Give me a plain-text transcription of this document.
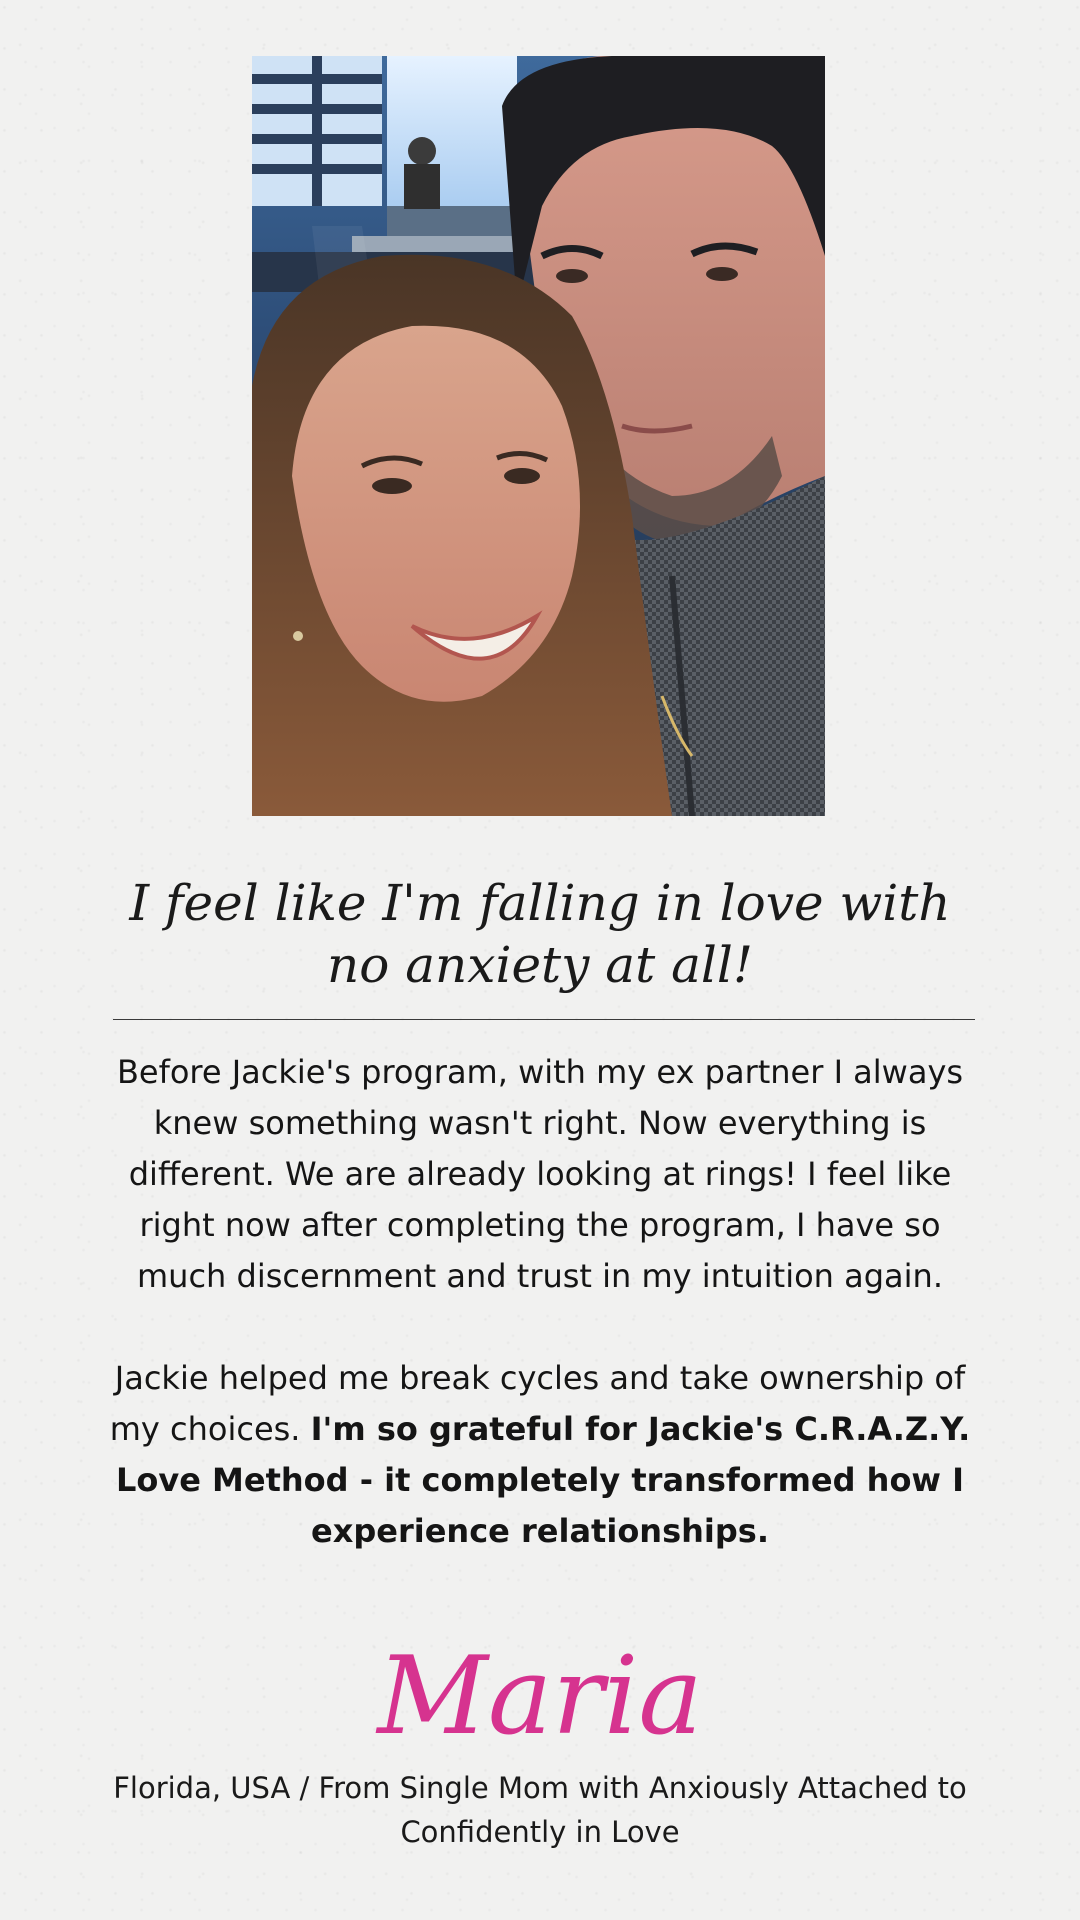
I feel like I'm falling in love with no anxiety at all!

Before Jackie's program, with my ex partner I always knew something wasn't right. Now everything is different. We are already looking at rings! I feel like right now after completing the program, I have so much discernment and trust in my intuition again.

Jackie helped me break cycles and take ownership of my choices. I'm so grateful for Jackie's C.R.A.Z.Y. Love Method - it completely transformed how I experience relationships.

Maria

Florida, USA / From Single Mom with Anxiously Attached to Confidently in Love
